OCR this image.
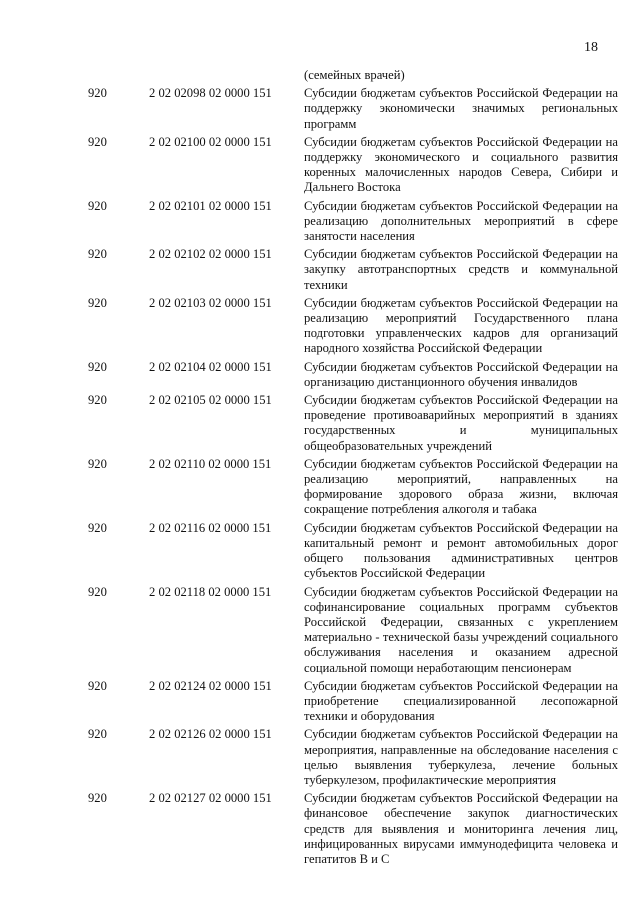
18
(семейных врачей)
920	2 02 02098 02 0000 151	Субсидии бюджетам субъектов Российской Федерации на поддержку экономически значимых региональных программ
920	2 02 02100 02 0000 151	Субсидии бюджетам субъектов Российской Федерации на поддержку экономического и социального развития коренных малочисленных народов Севера, Сибири и Дальнего Востока
920	2 02 02101 02 0000 151	Субсидии бюджетам субъектов Российской Федерации на реализацию дополнительных мероприятий в сфере занятости населения
920	2 02 02102 02 0000 151	Субсидии бюджетам субъектов Российской Федерации на закупку автотранспортных средств и коммунальной техники
920	2 02 02103 02 0000 151	Субсидии бюджетам субъектов Российской Федерации на реализацию мероприятий Государственного плана подготовки управленческих кадров для организаций народного хозяйства Российской Федерации
920	2 02 02104 02 0000 151	Субсидии бюджетам субъектов Российской Федерации на организацию дистанционного обучения инвалидов
920	2 02 02105 02 0000 151	Субсидии бюджетам субъектов Российской Федерации на проведение противоаварийных мероприятий в зданиях государственных и муниципальных общеобразовательных учреждений
920	2 02 02110 02 0000 151	Субсидии бюджетам субъектов Российской Федерации на реализацию мероприятий, направленных на формирование здорового образа жизни, включая сокращение потребления алкоголя и табака
920	2 02 02116 02 0000 151	Субсидии бюджетам субъектов Российской Федерации на капитальный ремонт и ремонт автомобильных дорог общего пользования административных центров субъектов Российской Федерации
920	2 02 02118 02 0000 151	Субсидии бюджетам субъектов Российской Федерации на софинансирование социальных программ субъектов Российской Федерации, связанных с укреплением материально - технической базы учреждений социального обслуживания населения и оказанием адресной социальной помощи неработающим пенсионерам
920	2 02 02124 02 0000 151	Субсидии бюджетам субъектов Российской Федерации на приобретение специализированной лесопожарной техники и оборудования
920	2 02 02126 02 0000 151	Субсидии бюджетам субъектов Российской Федерации на мероприятия, направленные на обследование населения с целью выявления туберкулеза, лечение больных туберкулезом, профилактические мероприятия
920	2 02 02127 02 0000 151	Субсидии бюджетам субъектов Российской Федерации на финансовое обеспечение закупок диагностических средств для выявления и мониторинга лечения лиц, инфицированных вирусами иммунодефицита человека и гепатитов В и С
